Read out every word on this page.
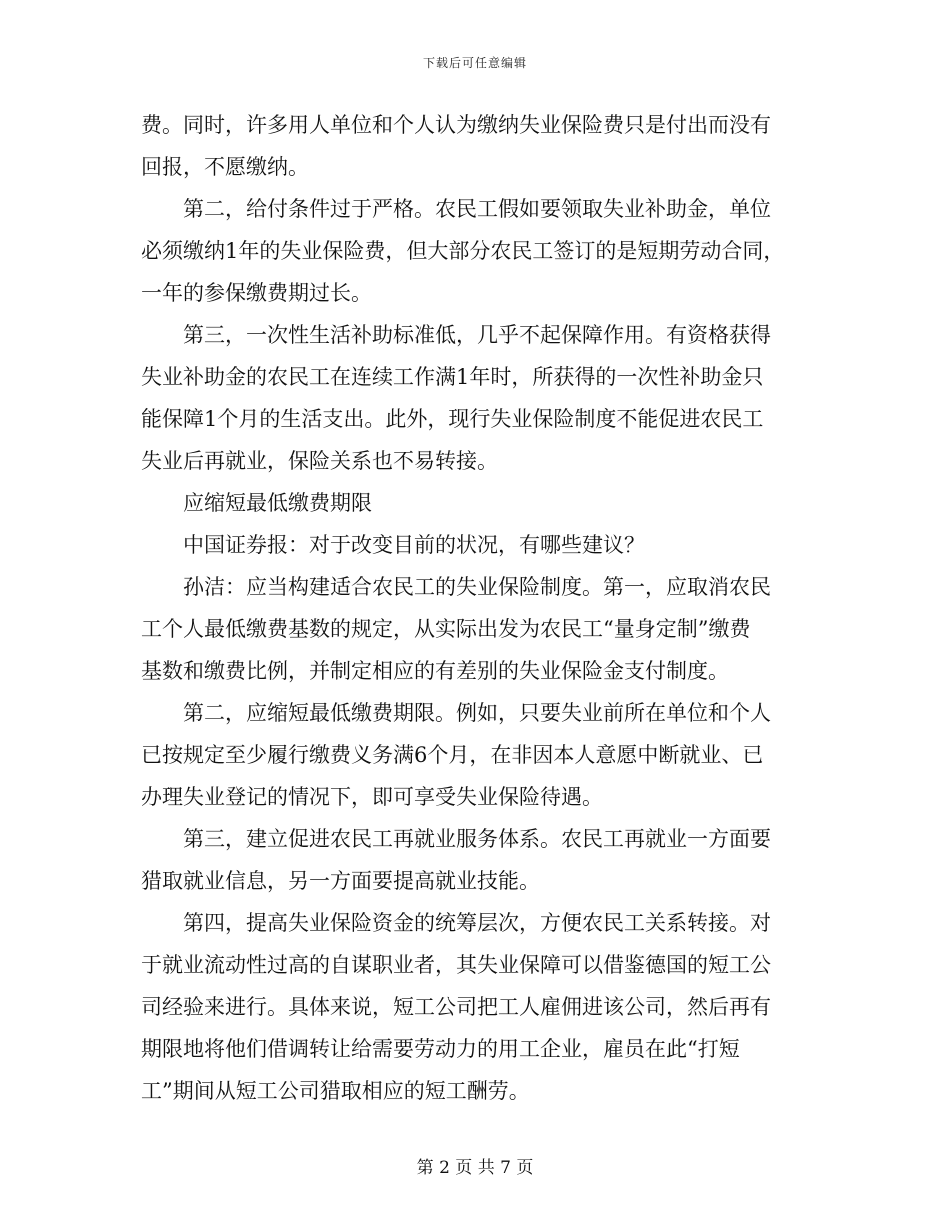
下载后可任意编辑
费。同时，许多用人单位和个人认为缴纳失业保险费只是付出而没有
回报，不愿缴纳。
第二，给付条件过于严格。农民工假如要领取失业补助金，单位
必须缴纳1年的失业保险费，但大部分农民工签订的是短期劳动合同，
一年的参保缴费期过长。
第三，一次性生活补助标准低，几乎不起保障作用。有资格获得
失业补助金的农民工在连续工作满1年时，所获得的一次性补助金只
能保障1个月的生活支出。此外，现行失业保险制度不能促进农民工
失业后再就业，保险关系也不易转接。
应缩短最低缴费期限
中国证券报：对于改变目前的状况，有哪些建议？
孙洁：应当构建适合农民工的失业保险制度。第一，应取消农民
工个人最低缴费基数的规定，从实际出发为农民工“量身定制”缴费
基数和缴费比例，并制定相应的有差别的失业保险金支付制度。
第二，应缩短最低缴费期限。例如，只要失业前所在单位和个人
已按规定至少履行缴费义务满6个月，在非因本人意愿中断就业、已
办理失业登记的情况下，即可享受失业保险待遇。
第三，建立促进农民工再就业服务体系。农民工再就业一方面要
猎取就业信息，另一方面要提高就业技能。
第四，提高失业保险资金的统筹层次，方便农民工关系转接。对
于就业流动性过高的自谋职业者，其失业保障可以借鉴德国的短工公
司经验来进行。具体来说，短工公司把工人雇佣进该公司，然后再有
期限地将他们借调转让给需要劳动力的用工企业，雇员在此“打短
工”期间从短工公司猎取相应的短工酬劳。
第 2 页 共 7 页
